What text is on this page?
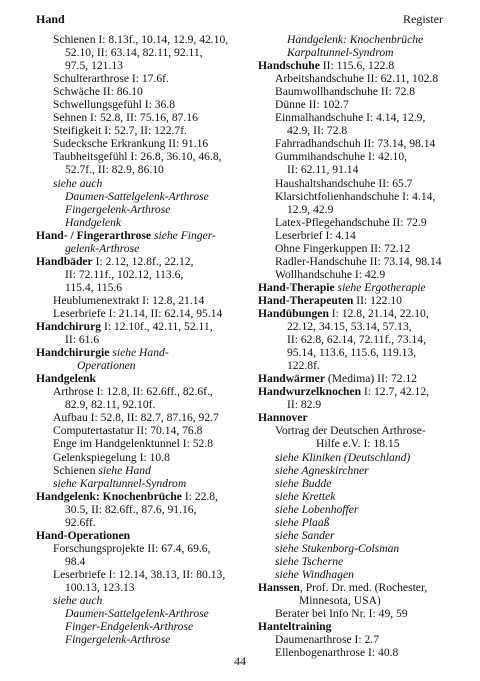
Hand	Register
Schienen I: 8.13f., 10.14, 12.9, 42.10,
52.10, II: 63.14, 82.11, 92.11,
97.5, 121.13
Schulterarthrose I: 17.6f.
Schwäche II: 86.10
Schwellungsgefühl I: 36.8
Sehnen I: 52.8, II: 75.16, 87.16
Steifigkeit I: 52.7, II: 122.7f.
Sudecksche Erkrankung II: 91.16
Taubheitsgefühl I: 26.8, 36.10, 46.8,
52.7f., II: 82.9, 86.10
siehe auch
Daumen-Sattelgelenk-Arthrose
Fingergelenk-Arthrose
Handgelenk
Hand- / Fingerarthrose siehe Finger-
gelenk-Arthrose
Handbäder I: 2.12, 12.8f., 22.12,
II: 72.11f., 102.12, 113.6,
115.4, 115.6
Heublumenextrakt I: 12.8, 21.14
Leserbriefe I: 21.14, II: 62.14, 95.14
Handchirurg I: 12.10f., 42.11, 52.11,
II: 61.6
Handchirurgie siehe Hand-
Operationen
Handgelenk
Arthrose I: 12.8, II: 62.6ff., 82.6f.,
82.9, 82.11, 92.10f.
Aufbau I: 52.8, II: 82.7, 87.16, 92.7
Computertastatur II: 70.14, 76.8
Enge im Handgelenktunnel I: 52.8
Gelenkspiegelung I: 10.8
Schienen siehe Hand
siehe Karpaltunnel-Syndrom
Handgelenk: Knochenbrüche I: 22.8,
30.5, II: 82.6ff., 87.6, 91.16,
92.6ff.
Hand-Operationen
Forschungsprojekte II: 67.4, 69.6,
98.4
Leserbriefe I: 12.14, 38.13, II: 80.13,
100.13, 123.13
siehe auch
Daumen-Sattelgelenk-Arthrose
Finger-Endgelenk-Arthrose
Fingergelenk-Arthrose
Handgelenk: Knochenbrüche
Karpaltunnel-Syndrom
Handschuhe II: 115.6, 122.8
Arbeitshandschuhe II: 62.11, 102.8
Baumwollhandschuhe II: 72.8
Dünne II: 102.7
Einmalhandschuhe I: 4.14, 12.9,
42.9, II: 72.8
Fahrradhandschuh II: 73.14, 98.14
Gummihandschuhe I: 42.10,
II: 62.11, 91.14
Haushaltshandschuhe II: 65.7
Klarsichtfolienhandschuhe I: 4.14,
12.9, 42.9
Latex-Pflegehandschuhe II: 72.9
Leserbrief I: 4.14
Ohne Fingerkuppen II: 72.12
Radler-Handschuhe II: 73.14, 98.14
Wollhandschuhe I: 42.9
Hand-Therapie siehe Ergotherapie
Hand-Therapeuten II: 122.10
Handübungen I: 12.8, 21.14, 22.10,
22.12, 34.15, 53.14, 57.13,
II: 62.8, 62.14, 72.11f., 73.14,
95.14, 113.6, 115.6, 119.13,
122.8f.
Handwärmer (Medima) II: 72.12
Handwurzelknochen I: 12.7, 42.12,
II: 82.9
Hannover
Vortrag der Deutschen Arthrose-
Hilfe e.V. I: 18.15
siehe Kliniken (Deutschland)
siehe Agneskirchner
siehe Budde
siehe Krettek
siehe Lobenhoffer
siehe Plaaß
siehe Sander
siehe Stukenborg-Colsman
siehe Tscherne
siehe Windhagen
Hanssen, Prof. Dr. med. (Rochester,
Minnesota, USA)
Berater bei Info Nr. I: 49, 59
Hanteltraining
Daumenarthrose I: 2.7
Ellenbogenarthrose I: 40.8
44
